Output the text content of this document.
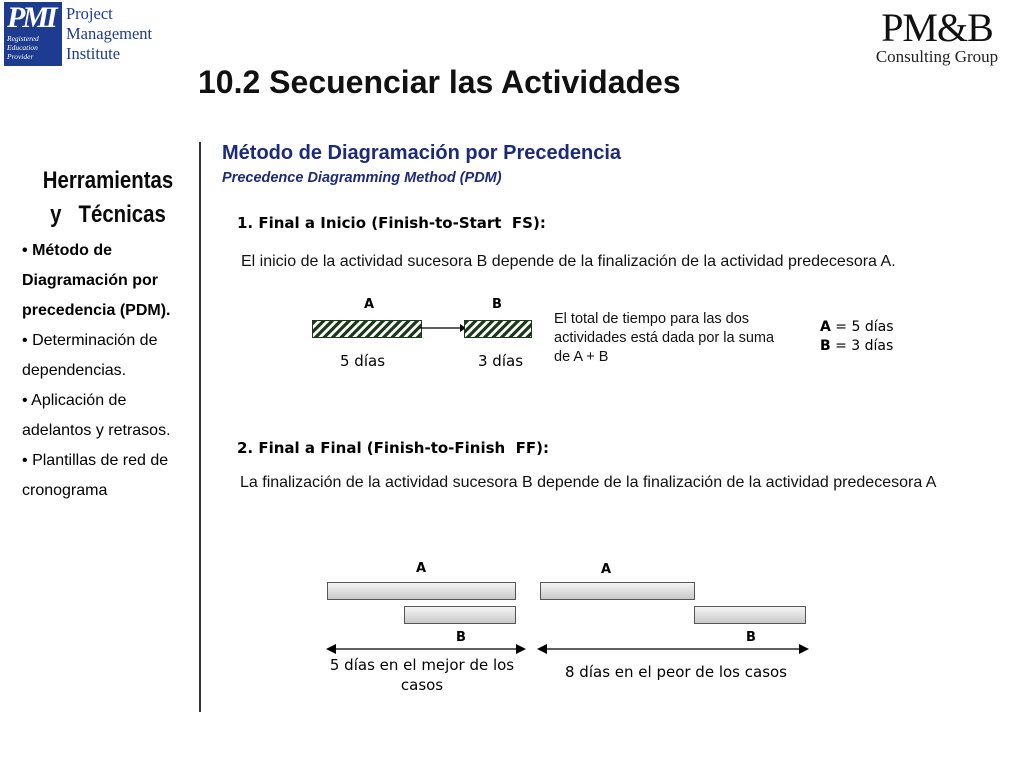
PMI
Registered
Education
Provider
Project
Management
Institute
PM&B
Consulting Group
10.2 Secuenciar las Actividades
Herramientas
y   Técnicas
• Método de Diagramación por precedencia (PDM).
• Determinación de dependencias.
• Aplicación de adelantos y retrasos.
• Plantillas de red de cronograma
Método de Diagramación por Precedencia
Precedence Diagramming Method (PDM)
1. Final a Inicio (Finish-to-Start  FS):
El inicio de la actividad sucesora B depende de la finalización de la actividad predecesora A.
A	B
5 días	3 días
El total de tiempo para las dos actividades está dada por la suma de A + B
A = 5 días
B = 3 días
2. Final a Final (Finish-to-Finish  FF):
La finalización de la actividad sucesora B depende de la finalización de la actividad predecesora A
A
B
5 días en el mejor de los  casos
A
B
8 días en el peor de los casos
